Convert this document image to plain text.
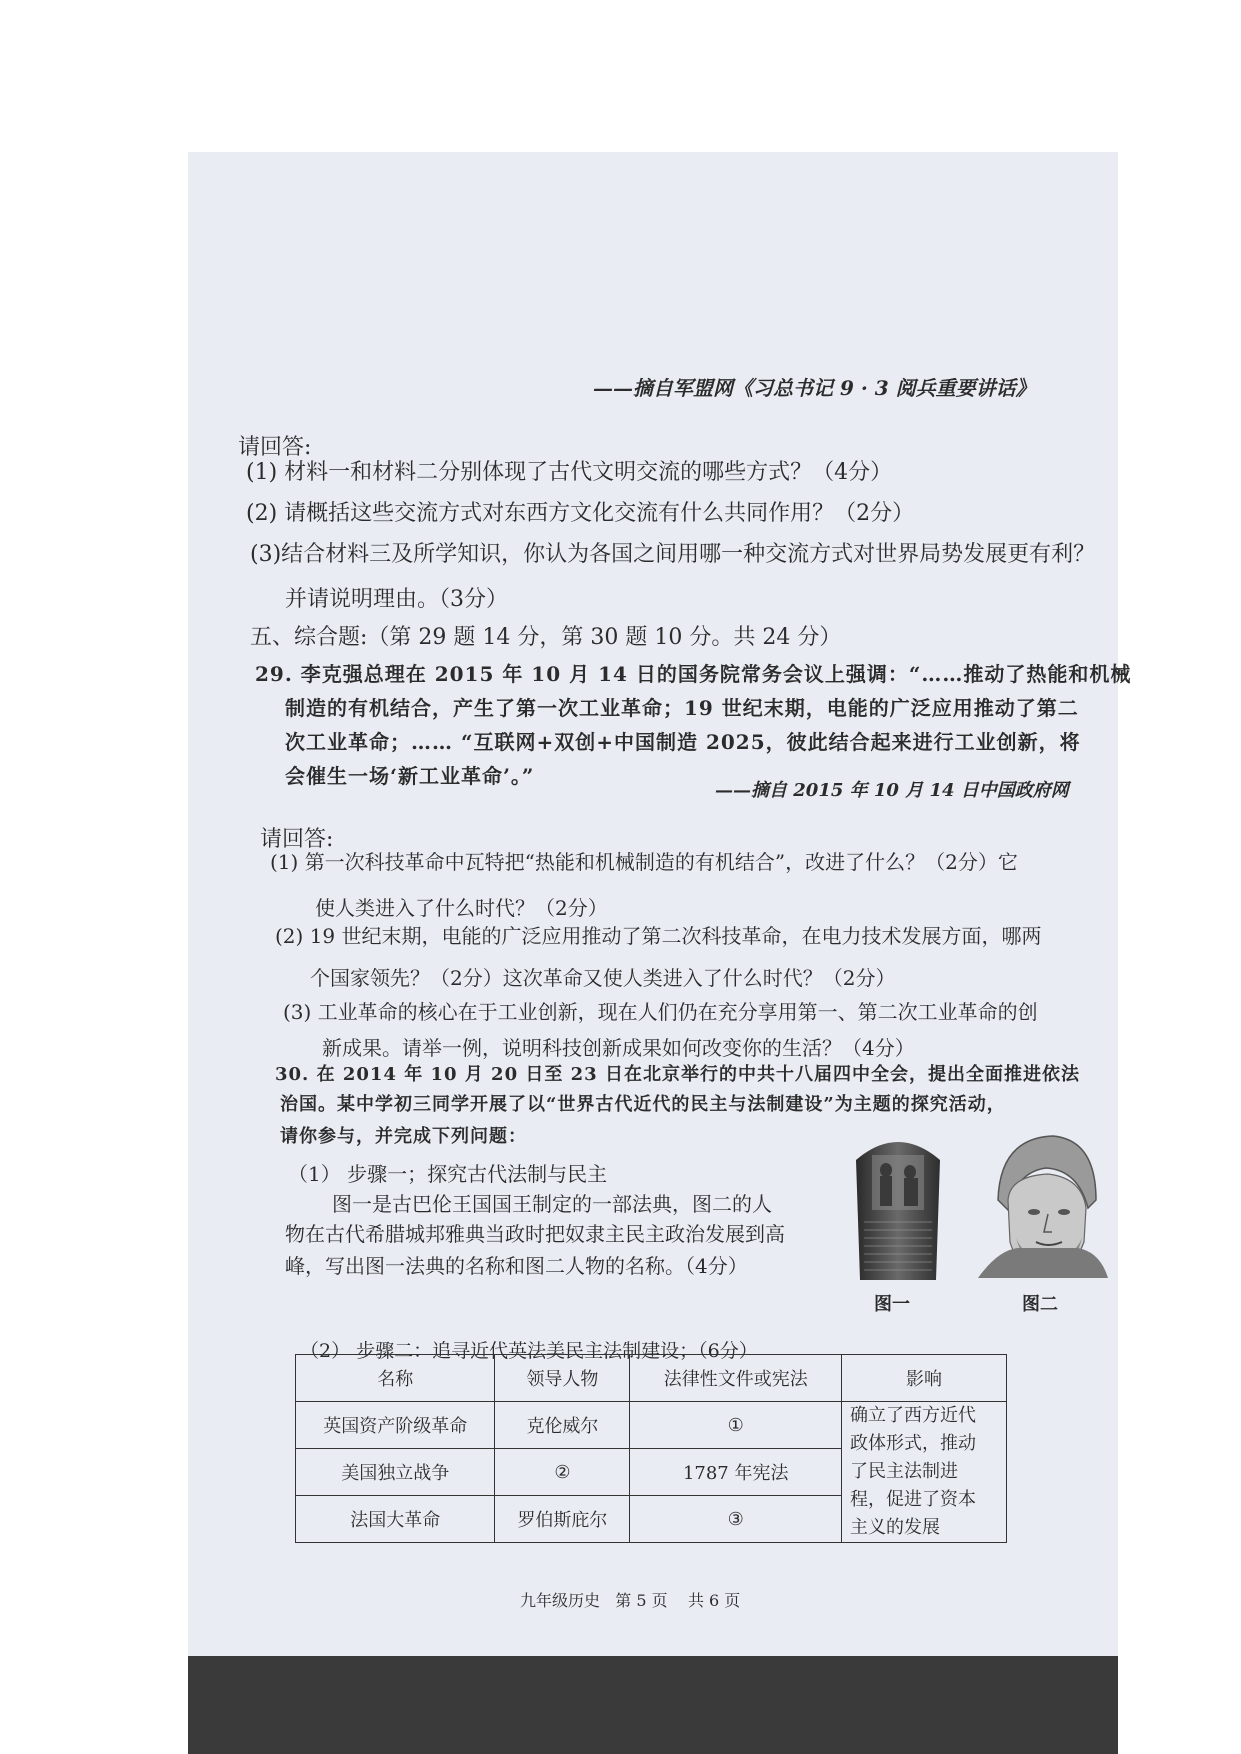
——摘自军盟网《习总书记 9 · 3 阅兵重要讲话》
请回答:
(1) 材料一和材料二分别体现了古代文明交流的哪些方式？（4分）
(2) 请概括这些交流方式对东西方文化交流有什么共同作用？（2分）
(3)结合材料三及所学知识，你认为各国之间用哪一种交流方式对世界局势发展更有利？
并请说明理由。（3分）
五、综合题:（第 29 题 14 分，第 30 题 10 分。共 24 分）
29. 李克强总理在 2015 年 10 月 14 日的国务院常务会议上强调：“……推动了热能和机械
制造的有机结合，产生了第一次工业革命；19 世纪末期，电能的广泛应用推动了第二
次工业革命；…… “互联网+双创+中国制造 2025，彼此结合起来进行工业创新，将
会催生一场‘新工业革命’。”
——摘自 2015 年 10 月 14 日中国政府网
请回答:
(1) 第一次科技革命中瓦特把“热能和机械制造的有机结合”，改进了什么？（2分）它
使人类进入了什么时代？（2分）
(2) 19 世纪末期，电能的广泛应用推动了第二次科技革命，在电力技术发展方面，哪两
个国家领先？（2分）这次革命又使人类进入了什么时代？（2分）
(3) 工业革命的核心在于工业创新，现在人们仍在充分享用第一、第二次工业革命的创
新成果。请举一例，说明科技创新成果如何改变你的生活？（4分）
30. 在 2014 年 10 月 20 日至 23 日在北京举行的中共十八届四中全会，提出全面推进依法
治国。某中学初三同学开展了以“世界古代近代的民主与法制建设”为主题的探究活动，
请你参与，并完成下列问题：
（1） 步骤一；探究古代法制与民主
图一是古巴伦王国国王制定的一部法典，图二的人
物在古代希腊城邦雅典当政时把奴隶主民主政治发展到高
峰，写出图一法典的名称和图二人物的名称。（4分）
图一	图二
（2） 步骤二：追寻近代英法美民主法制建设；（6分）
名称	领导人物	法律性文件或宪法	影响
英国资产阶级革命	克伦威尔	①	确立了西方近代
政体形式，推动
了民主法制进
程，促进了资本
主义的发展

美国独立战争	②	1787 年宪法	
法国大革命	罗伯斯庇尔	③	
九年级历史   第 5 页    共 6 页
